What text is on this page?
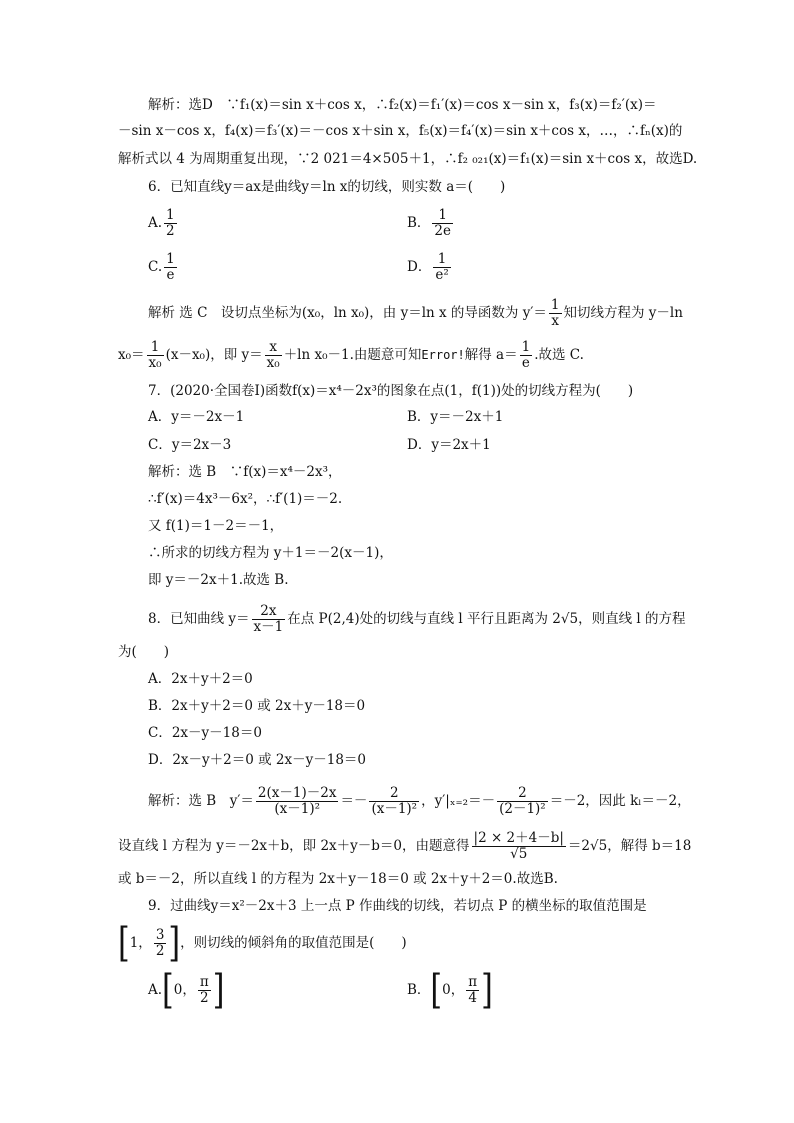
解析：选D　∵f₁(x)＝sin x＋cos x，∴f₂(x)＝f₁′(x)＝cos x－sin x，f₃(x)＝f₂′(x)＝
－sin x－cos x，f₄(x)＝f₃′(x)＝－cos x＋sin x，f₅(x)＝f₄′(x)＝sin x＋cos x，…，∴fₙ(x)的
解析式以 4 为周期重复出现，∵2 021＝4×505＋1，∴f₂ ₀₂₁(x)＝f₁(x)＝sin x＋cos x，故选D.
6．已知直线y＝ax是曲线y＝ln x的切线，则实数 a＝(　　)
A. $\frac{1}{2}$	B． $\frac{1}{2e}$
C. $\frac{1}{e}$	D． $\frac{1}{\text{e²}}$
解析 选 C　设切点坐标为(x₀，ln x₀)，由 y＝ln x 的导函数为 $y'= \frac{1}{x}$ 知切线方程为 y－ln
$x_0= \frac{1}{\text{x₀}} (x-x_0)$，即 $y= \frac{x}{\text{x₀}} +\ln$ x₀－1.由题意可知Error!解得 $a= \frac{1}{e}$ .故选 C.
7．(2020·全国卷Ⅰ)函数f(x)＝x⁴－2x³的图象在点(1，f(1))处的切线方程为(　　)
A．y＝－2x－1	B．y＝－2x＋1
C．y＝2x－3	D．y＝2x＋1
解析：选 B　∵f(x)＝x⁴－2x³，
∴f′(x)＝4x³－6x²，∴f′(1)＝－2.
又 f(1)＝1－2＝－1，
∴所求的切线方程为 y＋1＝－2(x－1)，
即 y＝－2x＋1.故选 B.
8．已知曲线 $y= \frac{2x}{x-1}$ 在点 P(2,4)处的切线与直线 l 平行且距离为 2√5，则直线 l 的方程
为(　　)
A．2x＋y＋2＝0
B．2x＋y＋2＝0 或 2x＋y－18＝0
C．2x－y－18＝0
D．2x－y＋2＝0 或 2x－y－18＝0
解析：选 B　$y'= \frac{2(x-1)-2x}{\text{(x－1)²}} =- \frac{2}{\text{(x－1)²}}$ ，$y'|_{x=2}=- \frac{2}{\text{(2－1)²}} =-2$，因此 kₗ＝－2，
设直线 l 方程为 y＝－2x＋b，即 2x＋y－b＝0，由题意得 $\frac{|2 \times 2+4-b|}{√5} =2√5$，解得 b＝18
或 b＝－2，所以直线 l 的方程为 2x＋y－18＝0 或 2x＋y＋2＝0.故选B.
9．过曲线y＝x²－2x＋3 上一点 P 作曲线的切线，若切点 P 的横坐标的取值范围是
[1， $\frac{3}{2}$ ]，则切线的倾斜角的取值范围是(　　)
A.[0， $\frac{\pi}{2}$ ]	B．[0， $\frac{\pi}{4}$ ]
